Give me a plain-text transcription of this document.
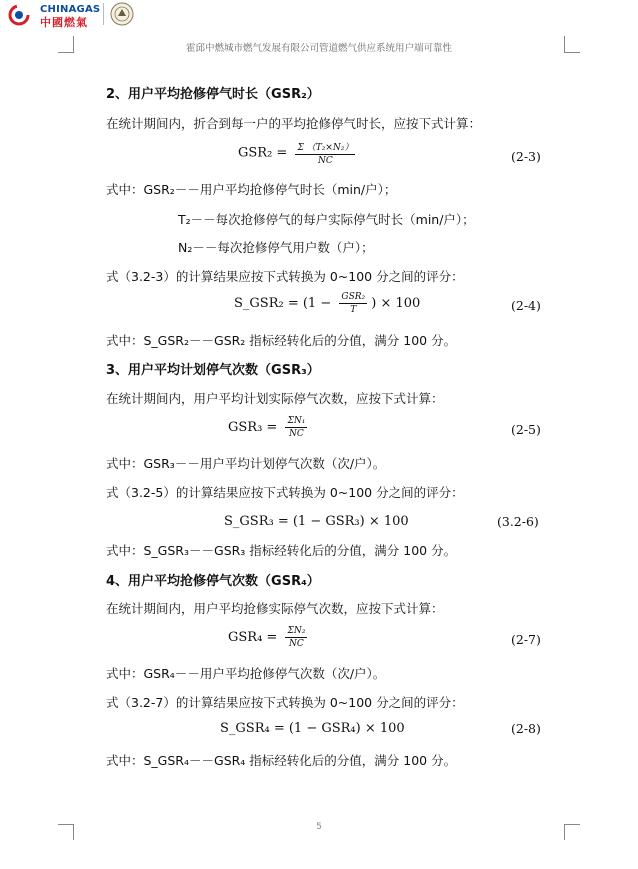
CHINAGAS
中國燃氣
霍邱中燃城市燃气发展有限公司管道燃气供应系统用户端可靠性
2、用户平均抢修停气时长（GSR₂）
在统计期间内，折合到每一户的平均抢修停气时长，应按下式计算：
$GSR_2 = \frac{\text{Σ （T₂×N₂）}}{NC}$	(2-3)
式中：GSR₂－－用户平均抢修停气时长（min/户）；
T₂－－每次抢修停气的每户实际停气时长（min/户）；
N₂－－每次抢修停气用户数（户）；
式（3.2-3）的计算结果应按下式转换为 0~100 分之间的评分：
S_GSR₂ = ($1 - \frac{\text{GSR₂}}{T}$ ) × 100	(2-4)
式中：S_GSR₂－－GSR₂ 指标经转化后的分值，满分 100 分。
3、用户平均计划停气次数（GSR₃）
在统计期间内，用户平均计划实际停气次数，应按下式计算：
$GSR_3 = \frac{\text{ΣN₁}}{NC}$	(2-5)
式中：GSR₃－－用户平均计划停气次数（次/户）。
式（3.2-5）的计算结果应按下式转换为 0~100 分之间的评分：
S_GSR₃ = (1 − GSR₃) × 100	(3.2-6)
式中：S_GSR₃－－GSR₃ 指标经转化后的分值，满分 100 分。
4、用户平均抢修停气次数（GSR₄）
在统计期间内，用户平均抢修实际停气次数，应按下式计算：
$GSR_4 = \frac{\text{ΣN₂}}{NC}$	(2-7)
式中：GSR₄－－用户平均抢修停气次数（次/户）。
式（3.2-7）的计算结果应按下式转换为 0~100 分之间的评分：
S_GSR₄ = (1 − GSR₄) × 100	(2-8)
式中：S_GSR₄－－GSR₄ 指标经转化后的分值，满分 100 分。
5
